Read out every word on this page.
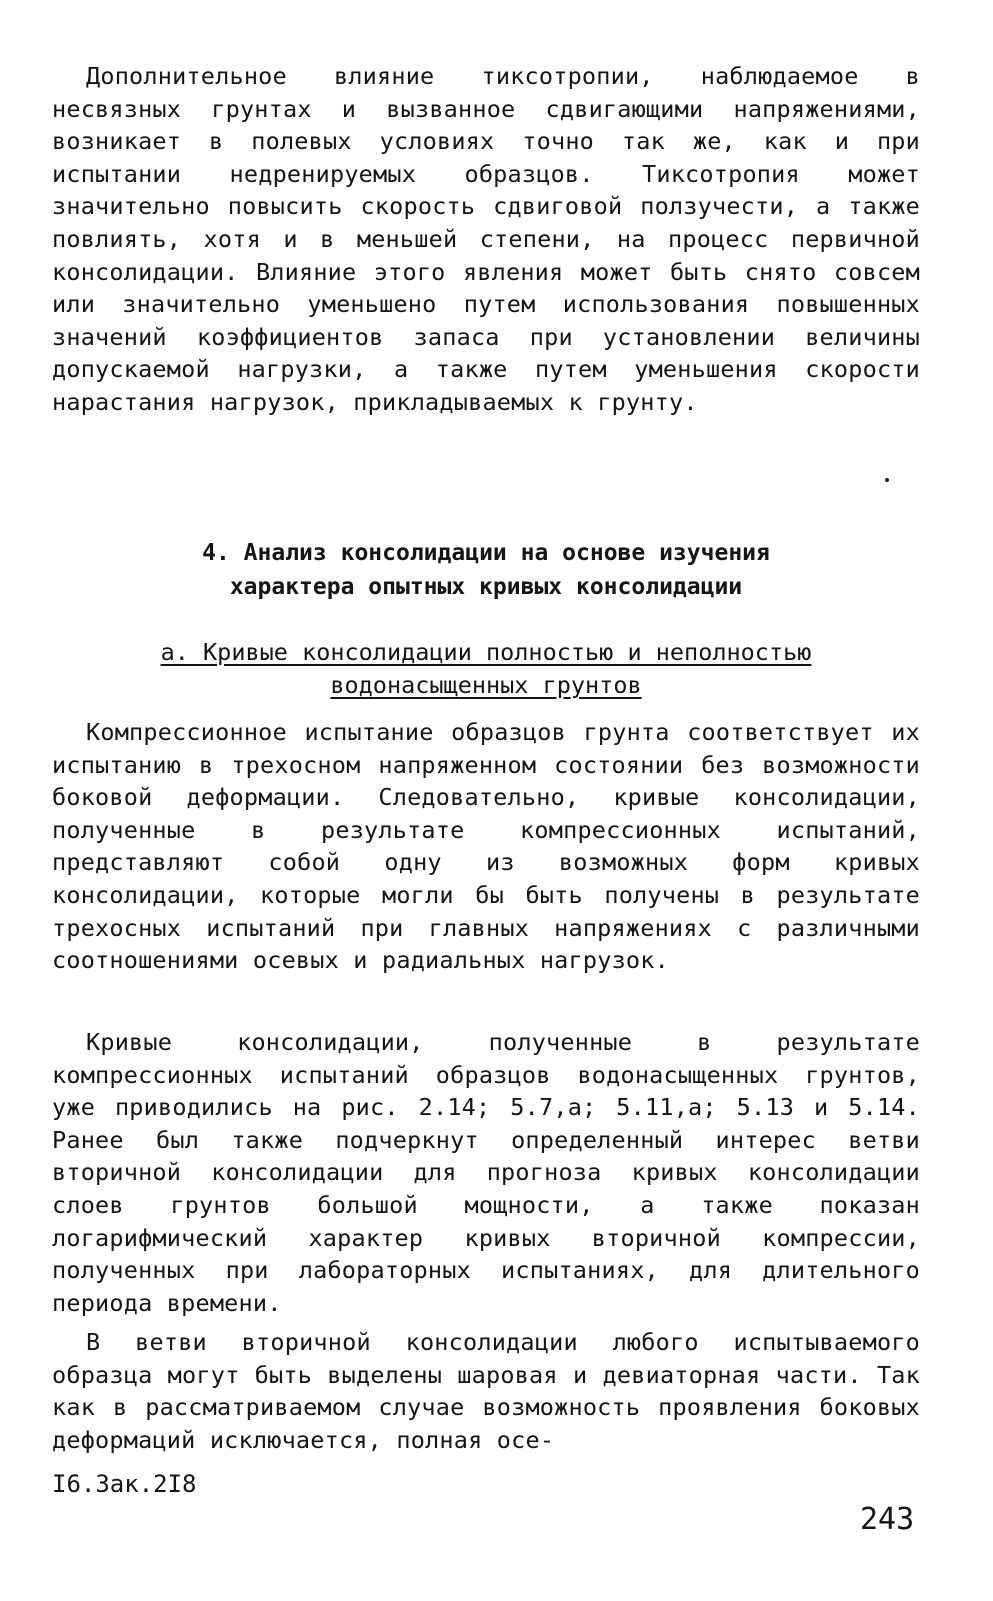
Дополнительное влияние тиксотропии, наблюдаемое в несвязных грунтах и вызванное сдвигающими напряжениями, возникает в полевых условиях точно так же, как и при испытании недренируемых образцов. Тиксотропия может значительно повысить скорость сдвиговой ползучести, а также повлиять, хотя и в меньшей степени, на процесс первичной консолидации. Влияние этого явления может быть снято совсем или значительно уменьшено путем использования повышенных значений коэффициентов запаса при установлении величины допускаемой нагрузки, а также путем уменьшения скорости нарастания нагрузок, прикладываемых к грунту.

4. Анализ консолидации на основе изучения
характера опытных кривых консолидации
а. Кривые консолидации полностью и неполностью
водонасыщенных грунтов

Компрессионное испытание образцов грунта соответствует их испытанию в трехосном напряженном состоянии без возможности боковой деформации. Следовательно, кривые консолидации, полученные в результате компрессионных испытаний, представляют собой одну из возможных форм кривых консолидации, которые могли бы быть получены в результате трехосных испытаний при главных напряжениях с различными соотношениями осевых и радиальных нагрузок.

Кривые консолидации, полученные в результате компрессионных испытаний образцов водонасыщенных грунтов, уже приводились на рис. 2.14; 5.7,а; 5.11,а; 5.13 и 5.14. Ранее был также подчеркнут определенный интерес ветви вторичной консолидации для прогноза кривых консолидации слоев грунтов большой мощности, а также показан логарифмический характер кривых вторичной компрессии, полученных при лабораторных испытаниях, для длительного периода времени.

В ветви вторичной консолидации любого испытываемого образца могут быть выделены шаровая и девиаторная части. Так как в рассматриваемом случае возможность проявления боковых деформаций исключается, полная осе-

I6.Зак.2I8
243
